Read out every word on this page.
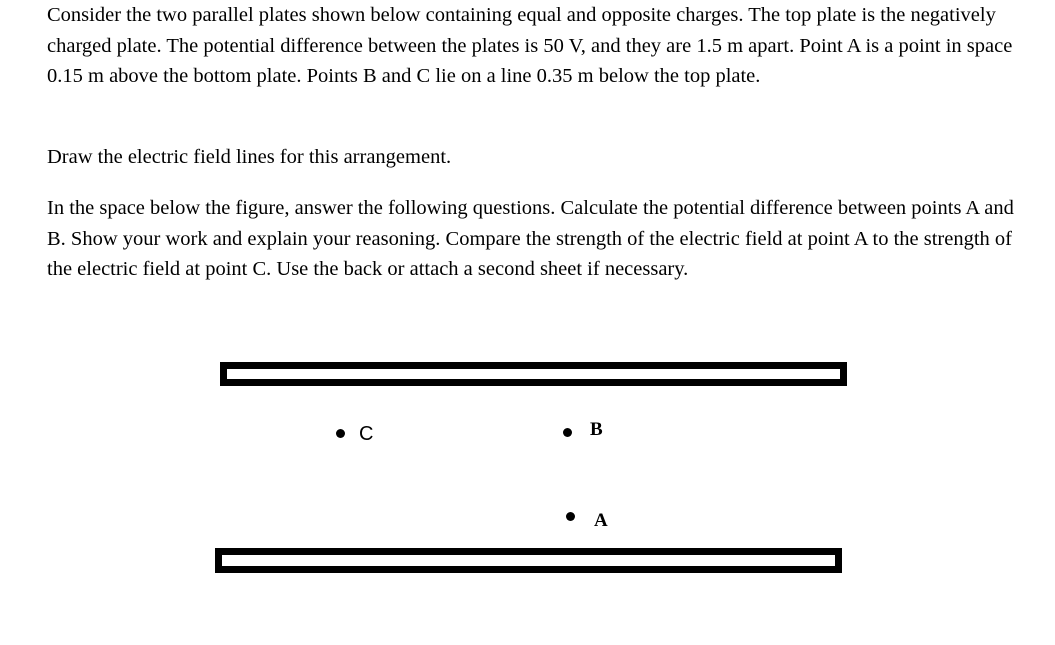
Consider the two parallel plates shown below containing equal and opposite charges. The top plate is the negatively charged plate. The potential difference between the plates is 50 V, and they are 1.5 m apart. Point A is a point in space 0.15 m above the bottom plate. Points B and C lie on a line 0.35 m below the top plate.

Draw the electric field lines for this arrangement.

In the space below the figure, answer the following questions. Calculate the potential difference between points A and B. Show your work and explain your reasoning. Compare the strength of the electric field at point A to the strength of the electric field at point C. Use the back or attach a second sheet if necessary.

C	B
A
